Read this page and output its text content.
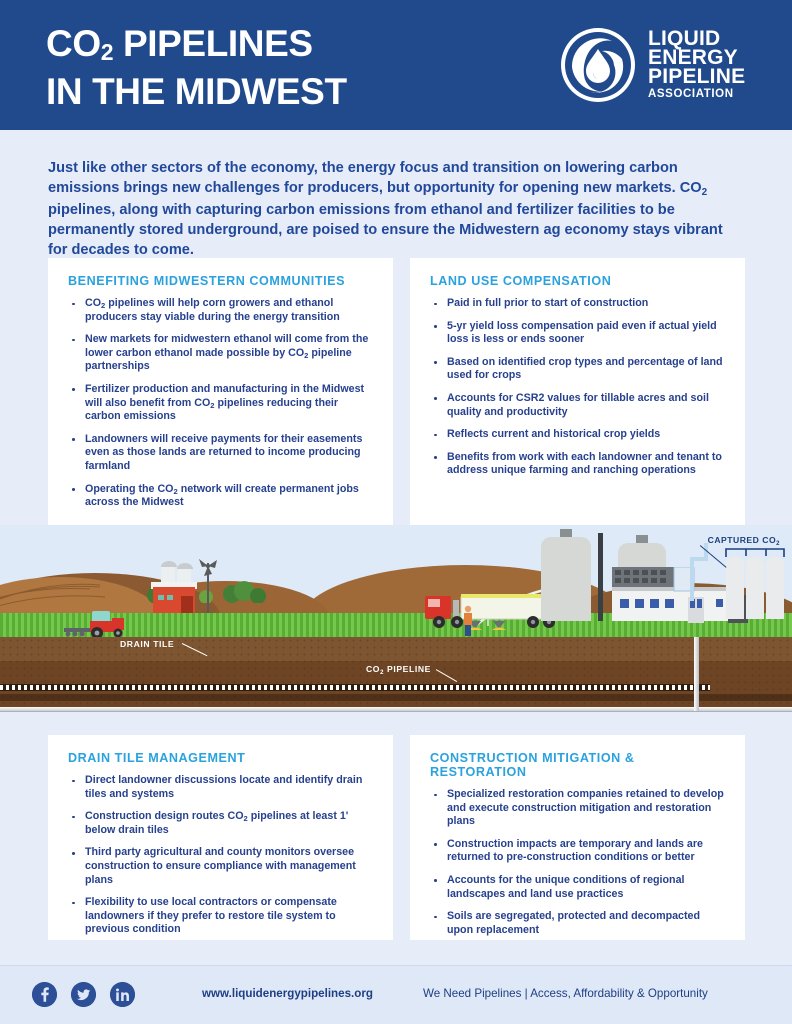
$CO_2$ PIPELINES
IN THE MIDWEST
LIQUID
ENERGY
PIPELINE
ASSOCIATION
Just like other sectors of the economy, the energy focus and transition on lowering carbon emissions brings new challenges for producers, but opportunity for opening new markets. $CO_2$ pipelines, along with capturing carbon emissions from ethanol and fertilizer facilities to be permanently stored underground, are poised to ensure the Midwestern ag economy stays vibrant for decades to come.
BENEFITING MIDWESTERN COMMUNITIES
$CO_2$ pipelines will help corn growers and ethanol producers stay viable during the energy transition
New markets for midwestern ethanol will come from the lower carbon ethanol made possible by $CO_2$ pipeline partnerships
Fertilizer production and manufacturing in the Midwest will also benefit from $CO_2$ pipelines reducing their carbon emissions
Landowners will receive payments for their easements even as those lands are returned to income producing farmland
Operating the $CO_2$ network will create permanent jobs across the Midwest
LAND USE COMPENSATION
Paid in full prior to start of construction
5-yr yield loss compensation paid even if actual yield loss is less or ends sooner
Based on identified crop types and percentage of land used for crops
Accounts for CSR2 values for tillable acres and soil quality and productivity
Reflects current and historical crop yields
Benefits from work with each landowner and tenant to address unique farming and ranching operations
DRAIN TILE
$CO_2$ PIPELINE
CAPTURED $CO_2$
DRAIN TILE MANAGEMENT
Direct landowner discussions locate and identify drain tiles and systems
Construction design routes $CO_2$ pipelines at least 1' below drain tiles
Third party agricultural and county monitors oversee construction to ensure compliance with management plans
Flexibility to use local contractors or compensate landowners if they prefer to restore tile system to previous condition
CONSTRUCTION MITIGATION & RESTORATION
Specialized restoration companies retained to develop and execute construction mitigation and restoration plans
Construction impacts are temporary and lands are returned to pre-construction conditions or better
Accounts for the unique conditions of regional landscapes and land use practices
Soils are segregated, protected and decompacted upon replacement
www.liquidenergypipelines.org	We Need Pipelines | Access, Affordability & Opportunity
